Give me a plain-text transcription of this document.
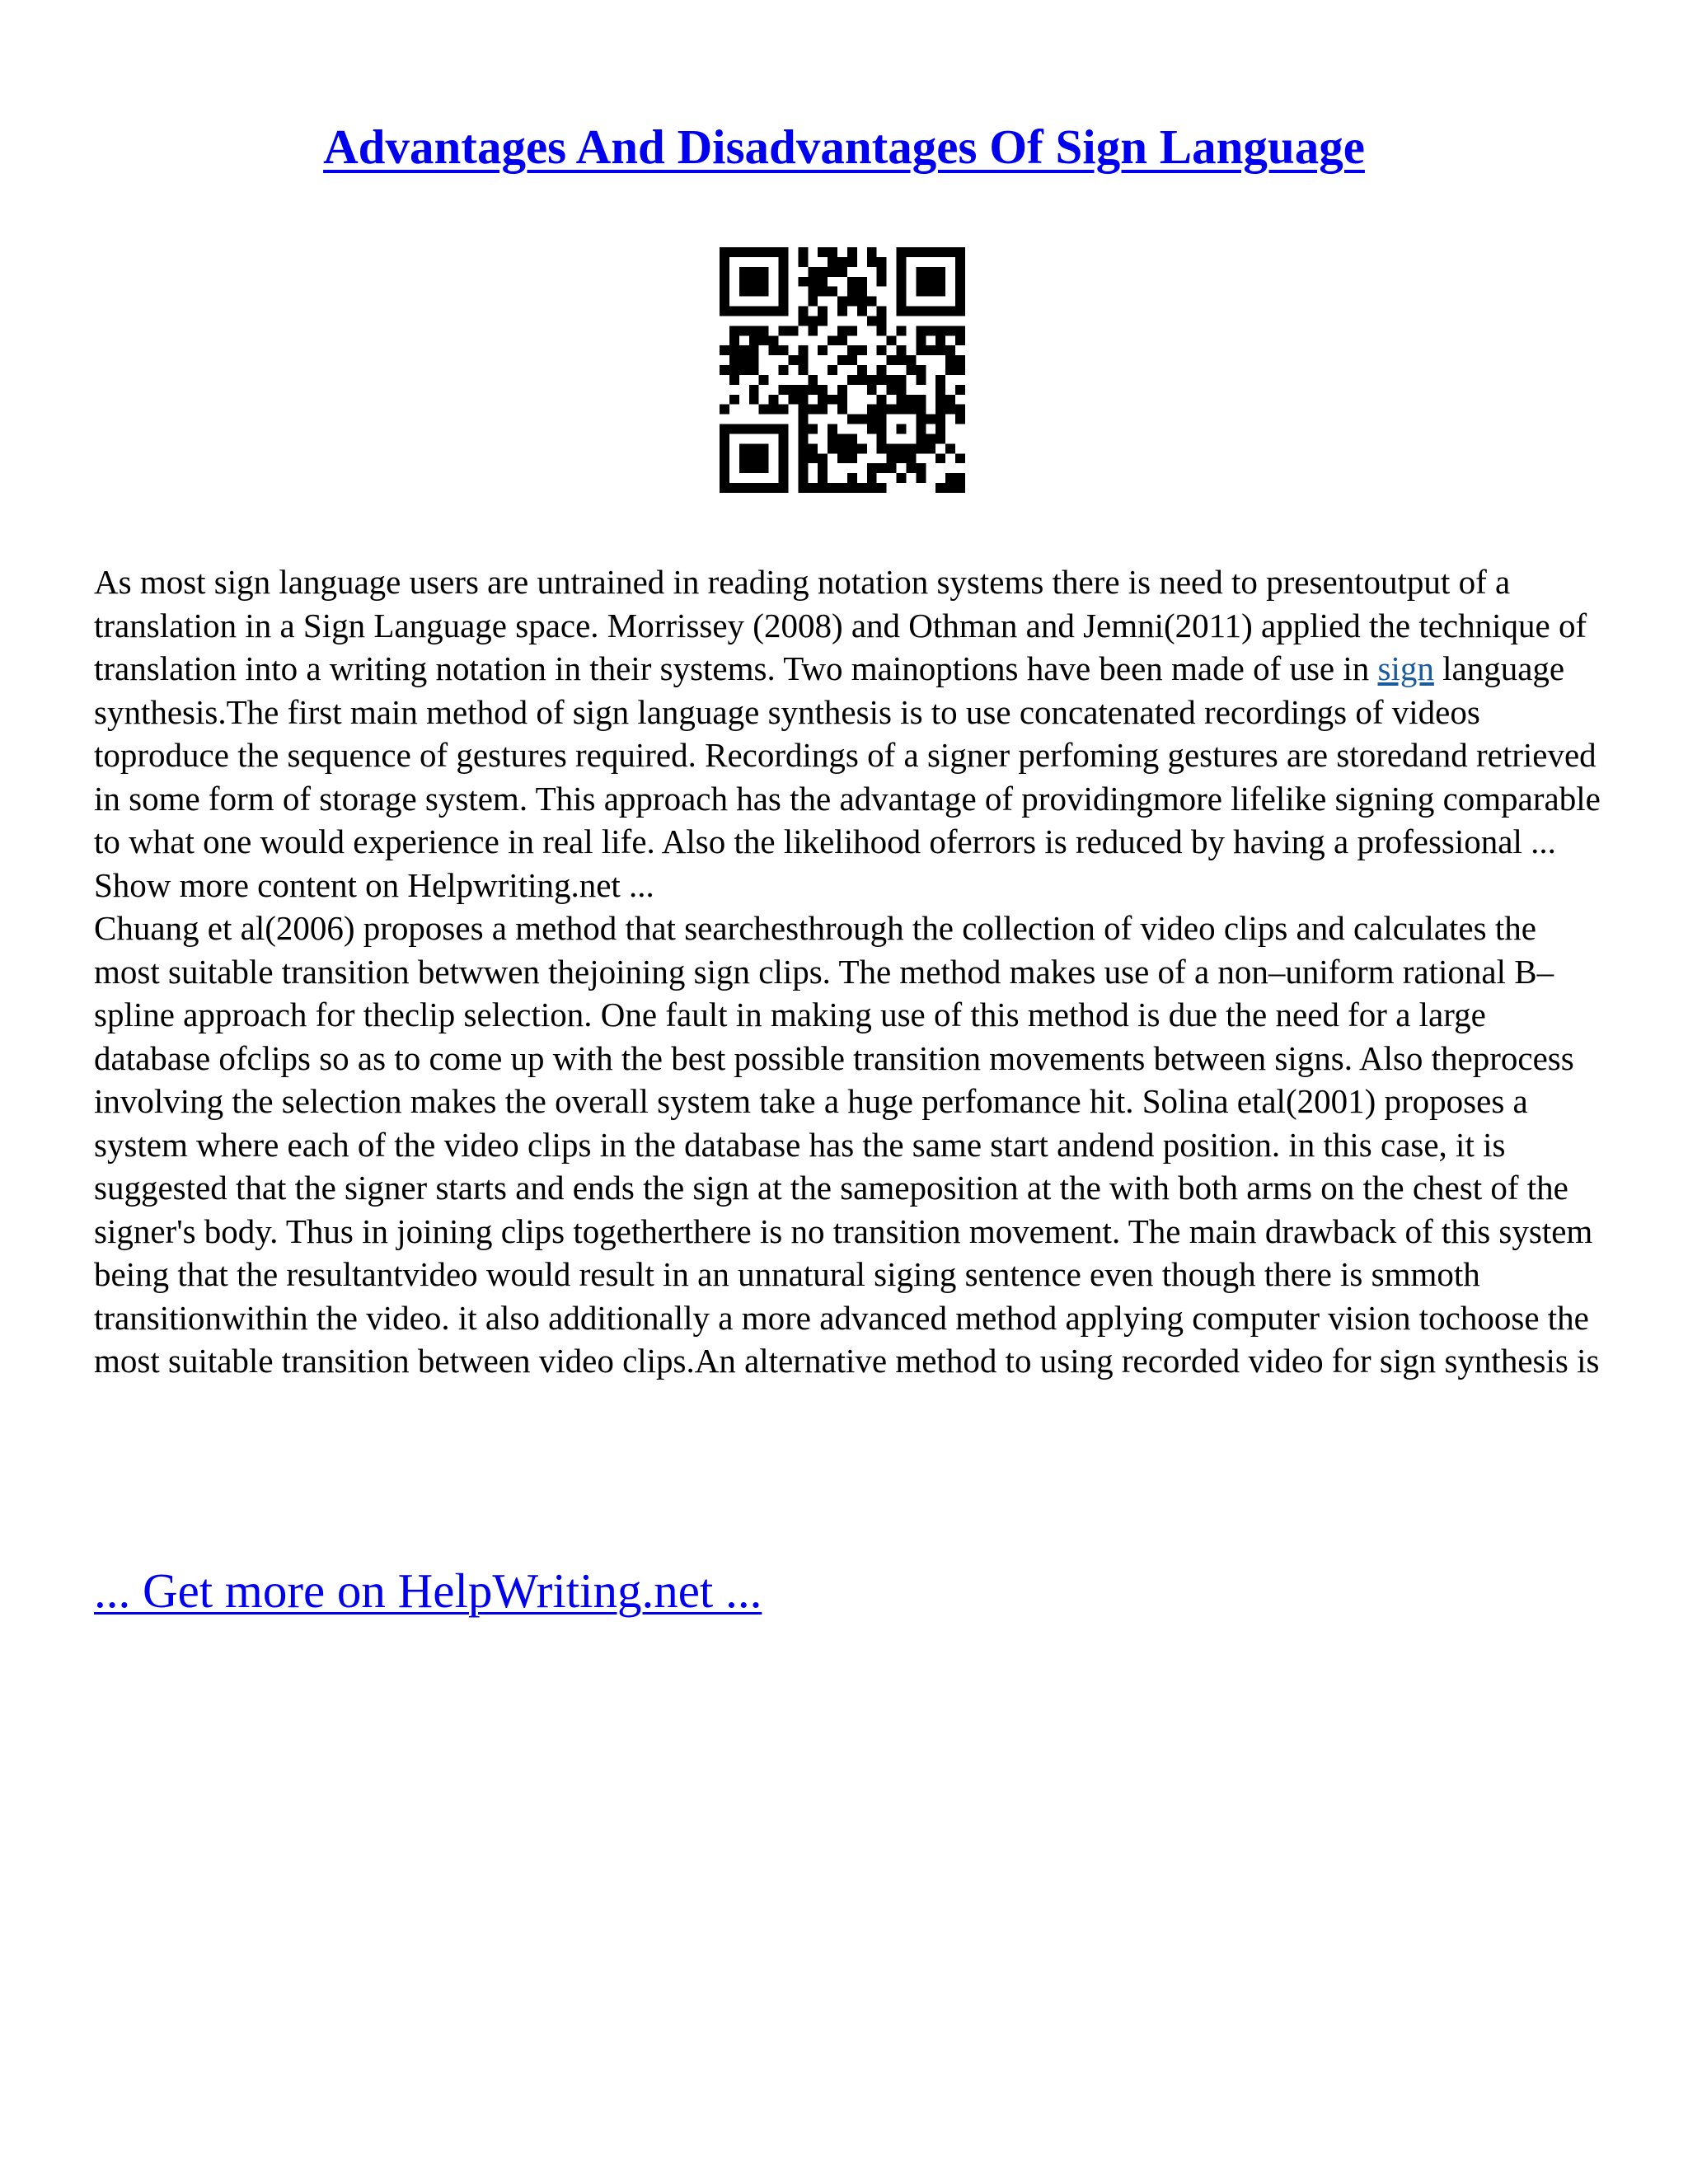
Advantages And Disadvantages Of Sign Language

As most sign language users are untrained in reading notation systems there is need to presentoutput of a translation in a Sign Language space. Morrissey (2008) and Othman and Jemni(2011) applied the technique of translation into a writing notation in their systems. Two mainoptions have been made of use in sign language synthesis.The first main method of sign language synthesis is to use concatenated recordings of videos toproduce the sequence of gestures required. Recordings of a signer perfoming gestures are storedand retrieved in some form of storage system. This approach has the advantage of providingmore lifelike signing comparable to what one would experience in real life. Also the likelihood oferrors is reduced by having a professional ... Show more content on Helpwriting.net ...

Chuang et al(2006) proposes a method that searchesthrough the collection of video clips and calculates the most suitable transition betwwen thejoining sign clips. The method makes use of a non–uniform rational B–spline approach for theclip selection. One fault in making use of this method is due the need for a large database ofclips so as to come up with the best possible transition movements between signs. Also theprocess involving the selection makes the overall system take a huge perfomance hit. Solina etal(2001) proposes a system where each of the video clips in the database has the same start andend position. in this case, it is suggested that the signer starts and ends the sign at the sameposition at the with both arms on the chest of the signer's body. Thus in joining clips togetherthere is no transition movement. The main drawback of this system being that the resultantvideo would result in an unnatural siging sentence even though there is smmoth transitionwithin the video. it also additionally a more advanced method applying computer vision tochoose the most suitable transition between video clips.An alternative method to using recorded video for sign synthesis is

... Get more on HelpWriting.net ...
